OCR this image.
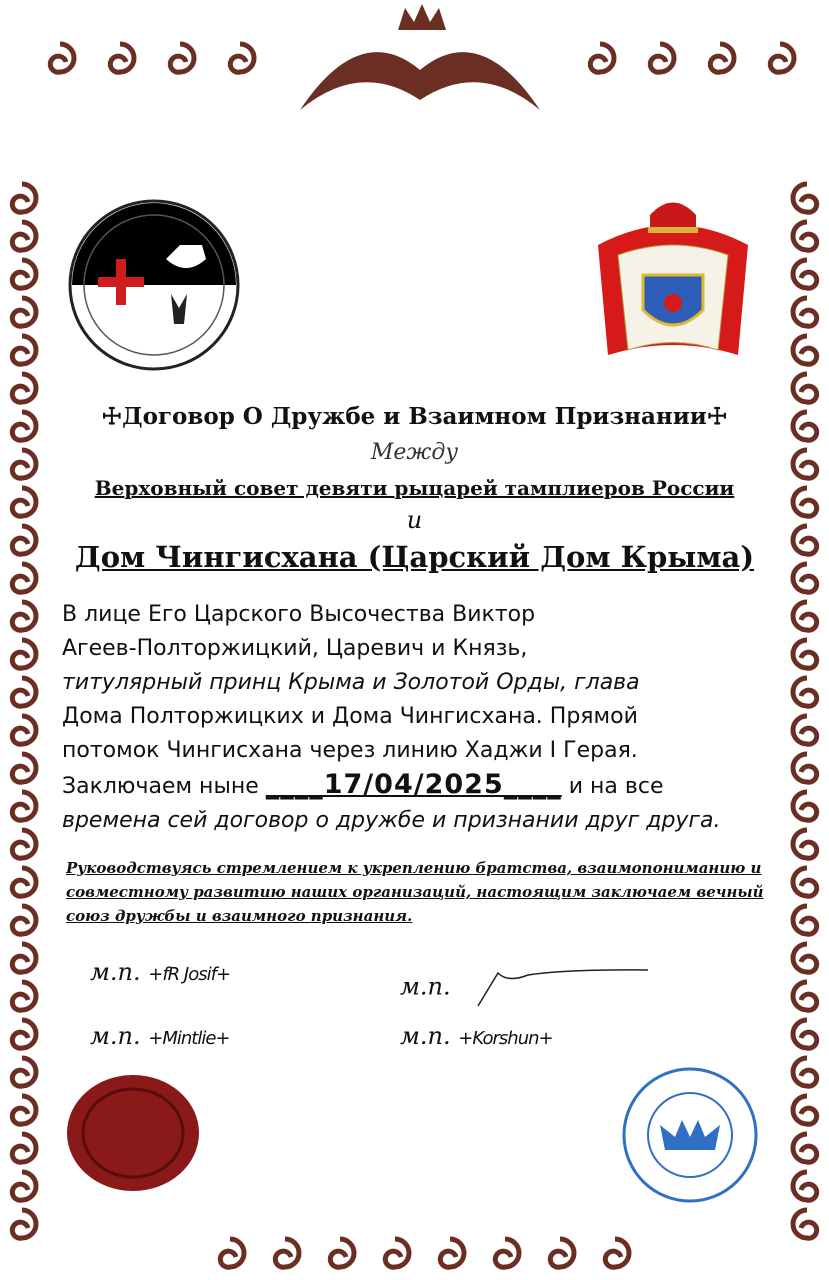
☩Договор О Дружбе и Взаимном Признании☩
Между
Верховный совет девяти рыцарей тамплиеров России
и
Дом Чингисхана (Царский Дом Крыма)
В лице Его Царского Высочества Виктор
Агеев-Полторжицкий, Царевич и Князь,
титулярный принц Крыма и Золотой Орды, глава
Дома Полторжицких и Дома Чингисхана. Прямой
потомок Чингисхана через линию Хаджи I Герая.
Заключаем ныне ____17/04/2025____ и на все
времена сей договор о дружбе и признании друг друга.
Руководствуясь стремлением к укреплению братства, взаимопониманию и совместному развитию наших организаций, настоящим заключаем вечный союз дружбы и взаимного признания.
м.п. +fR Josif+	м.п.
м.п. +Mintlie+	м.п. +Korshun+
